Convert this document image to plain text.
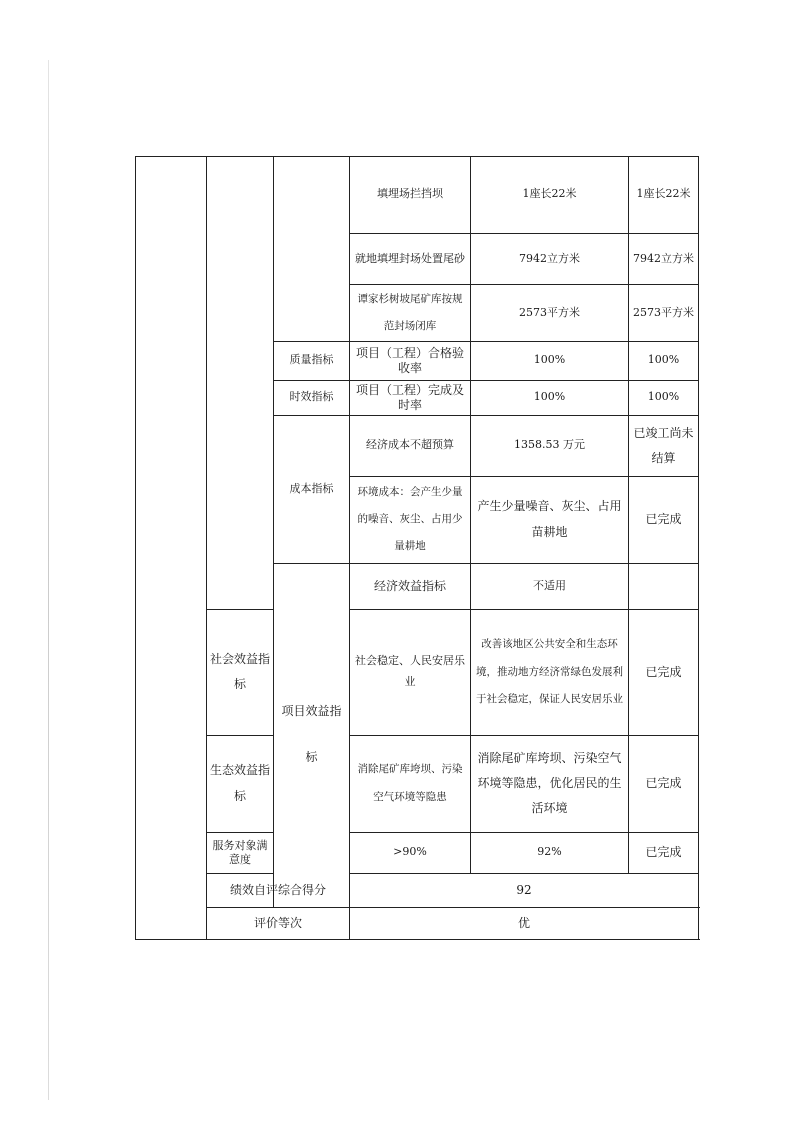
			填埋场拦挡坝	1座长22米	1座长22米	
			就地填埋封场处置尾砂	7942立方米	7942立方米	
			谭家杉树坡尾矿库按规范封场闭库	2573平方米	2573平方米	
		质量指标	项目（工程）合格验收率	100%	100%	
		时效指标	项目（工程）完成及时率	100%	100%	
		成本指标	经济成本不超预算	1358.53 万元	已竣工尚未结算	
			环境成本：会产生少量的噪音、灰尘、占用少量耕地	产生少量噪音、灰尘、占用苗耕地	已完成	
		项目效益指标	经济效益指标	不适用		
	社会效益指标		社会稳定、人民安居乐业	改善该地区公共安全和生态环境，推动地方经济常绿色发展利于社会稳定，保证人民安居乐业	已完成	
	生态效益指标		消除尾矿库垮坝、污染空气环境等隐患	消除尾矿库垮坝、污染空气环境等隐患，优化居民的生活环境	已完成	
	服务对象满意度		>90%	92%	已完成	
	绩效自评综合得分		92			
	评价等次		优			
